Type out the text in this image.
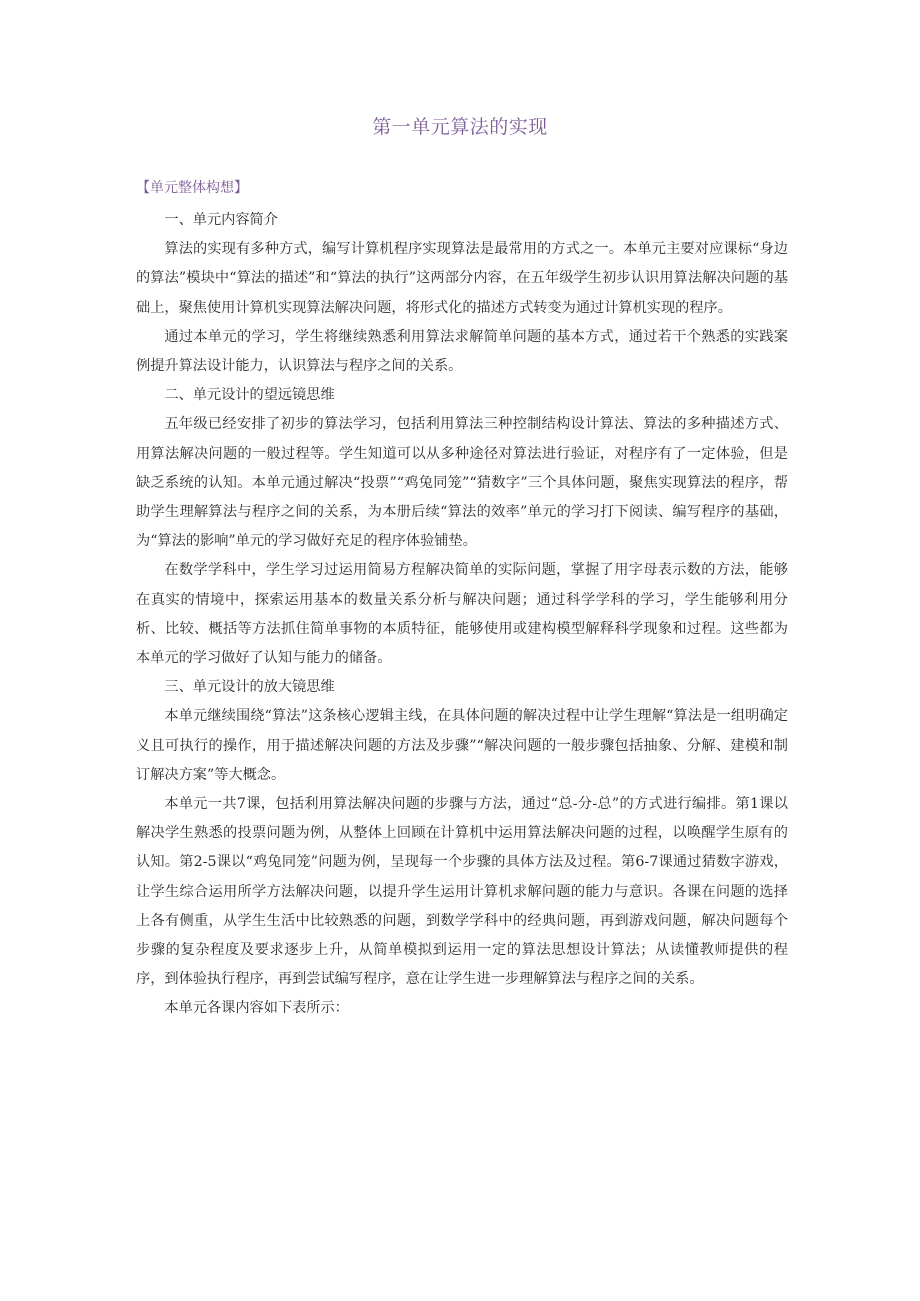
第一单元算法的实现
【单元整体构想】

一、单元内容简介

算法的实现有多种方式，编写计算机程序实现算法是最常用的方式之一。本单元主要对应课标“身边的算法”模块中“算法的描述”和“算法的执行”这两部分内容，在五年级学生初步认识用算法解决问题的基础上，聚焦使用计算机实现算法解决问题，将形式化的描述方式转变为通过计算机实现的程序。

通过本单元的学习，学生将继续熟悉利用算法求解简单问题的基本方式，通过若干个熟悉的实践案例提升算法设计能力，认识算法与程序之间的关系。

二、单元设计的望远镜思维

五年级已经安排了初步的算法学习，包括利用算法三种控制结构设计算法、算法的多种描述方式、用算法解决问题的一般过程等。学生知道可以从多种途径对算法进行验证，对程序有了一定体验，但是缺乏系统的认知。本单元通过解决“投票”“鸡兔同笼”“猜数字”三个具体问题，聚焦实现算法的程序，帮助学生理解算法与程序之间的关系，为本册后续“算法的效率”单元的学习打下阅读、编写程序的基础，为“算法的影响”单元的学习做好充足的程序体验铺垫。

在数学学科中，学生学习过运用简易方程解决简单的实际问题，掌握了用字母表示数的方法，能够在真实的情境中，探索运用基本的数量关系分析与解决问题；通过科学学科的学习，学生能够利用分析、比较、概括等方法抓住简单事物的本质特征，能够使用或建构模型解释科学现象和过程。这些都为本单元的学习做好了认知与能力的储备。

三、单元设计的放大镜思维

本单元继续围绕“算法”这条核心逻辑主线，在具体问题的解决过程中让学生理解“算法是一组明确定义且可执行的操作，用于描述解决问题的方法及步骤”“解决问题的一般步骤包括抽象、分解、建模和制订解决方案”等大概念。

本单元一共7课，包括利用算法解决问题的步骤与方法，通过“总-分-总”的方式进行编排。第1课以解决学生熟悉的投票问题为例，从整体上回顾在计算机中运用算法解决问题的过程，以唤醒学生原有的认知。第2-5课以“鸡兔同笼”问题为例，呈现每一个步骤的具体方法及过程。第6-7课通过猜数字游戏，让学生综合运用所学方法解决问题，以提升学生运用计算机求解问题的能力与意识。各课在问题的选择上各有侧重，从学生生活中比较熟悉的问题，到数学学科中的经典问题，再到游戏问题，解决问题每个步骤的复杂程度及要求逐步上升，从简单模拟到运用一定的算法思想设计算法；从读懂教师提供的程序，到体验执行程序，再到尝试编写程序，意在让学生进一步理解算法与程序之间的关系。

本单元各课内容如下表所示：
